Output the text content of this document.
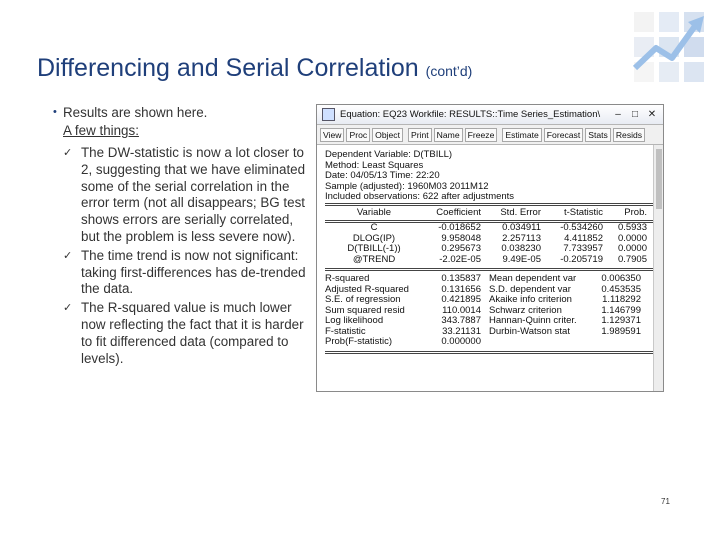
Differencing and Serial Correlation (cont’d)
• Results are shown here.
A few things:
✓ The DW-statistic is now a lot closer to 2, suggesting that we have eliminated some of the serial correlation in the error term (not all disappears; BG test shows errors are serially correlated, but the problem is less severe now).
✓ The time trend is now not significant: taking first-differences has de-trended the data.
✓ The R-squared value is much lower now reflecting the fact that it is harder to fit differenced data (compared to levels).
Equation: EQ23 Workfile: RESULTS::Time Series_Estimation\	–	□ ✕
View Proc Object	Print Name Freeze	Estimate Forecast Stats Resids
Dependent Variable: D(TBILL)
Method: Least Squares
Date: 04/05/13 Time: 22:20
Sample (adjusted): 1960M03 2011M12
Included observations: 622 after adjustments
Variable	Coefficient	Std. Error	t-Statistic	Prob.
C	-0.018652	0.034911	-0.534260	0.5933
DLOG(IP)	9.958048	2.257113	4.411852	0.0000
D(TBILL(-1))	0.295673	0.038230	7.733957	0.0000
@TREND	-2.02E-05	9.49E-05	-0.205719	0.7905
R-squared	0.135837 Mean dependent var	0.006350
Adjusted R-squared	0.131656 S.D. dependent var	0.453535
S.E. of regression	0.421895 Akaike info criterion	1.118292
Sum squared resid	110.0014 Schwarz criterion	1.146799
Log likelihood	343.7887 Hannan-Quinn criter.	1.129371
F-statistic	33.21131 Durbin-Watson stat	1.989591
Prob(F-statistic)	0.000000
71
